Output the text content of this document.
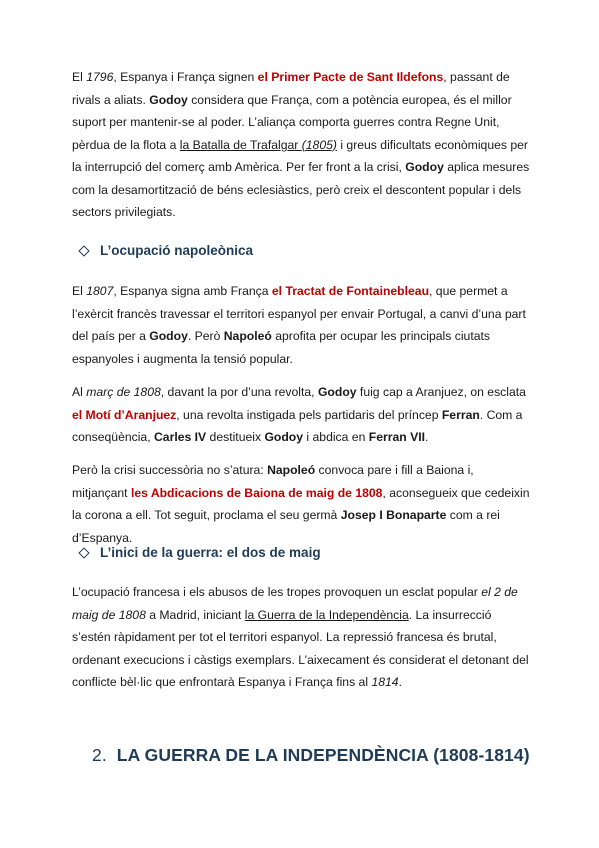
El 1796, Espanya i França signen el Primer Pacte de Sant Ildefons, passant de rivals a aliats. Godoy considera que França, com a potència europea, és el millor suport per mantenir-se al poder. L’aliança comporta guerres contra Regne Unit, pèrdua de la flota a la Batalla de Trafalgar (1805) i greus dificultats econòmiques per la interrupció del comerç amb Amèrica. Per fer front a la crisi, Godoy aplica mesures com la desamortització de béns eclesiàstics, però creix el descontent popular i dels sectors privilegiats.

L’ocupació napoleònica

El 1807, Espanya signa amb França el Tractat de Fontainebleau, que permet a l’exèrcit francès travessar el territori espanyol per envair Portugal, a canvi d’una part del país per a Godoy. Però Napoleó aprofita per ocupar les principals ciutats espanyoles i augmenta la tensió popular.

Al març de 1808, davant la por d’una revolta, Godoy fuig cap a Aranjuez, on esclata el Motí d’Aranjuez, una revolta instigada pels partidaris del príncep Ferran. Com a conseqüència, Carles IV destitueix Godoy i abdica en Ferran VII.

Però la crisi successòria no s’atura: Napoleó convoca pare i fill a Baiona i, mitjançant les Abdicacions de Baiona de maig de 1808, aconsegueix que cedeixin la corona a ell. Tot seguit, proclama el seu germà Josep I Bonaparte com a rei d’Espanya.

L’inici de la guerra: el dos de maig

L’ocupació francesa i els abusos de les tropes provoquen un esclat popular el 2 de maig de 1808 a Madrid, iniciant la Guerra de la Independència. La insurrecció s’estén ràpidament per tot el territori espanyol. La repressió francesa és brutal, ordenant execucions i càstigs exemplars. L’aixecament és considerat el detonant del conflicte bèl·lic que enfrontarà Espanya i França fins al 1814.

2. LA GUERRA DE LA INDEPENDÈNCIA (1808-1814)
